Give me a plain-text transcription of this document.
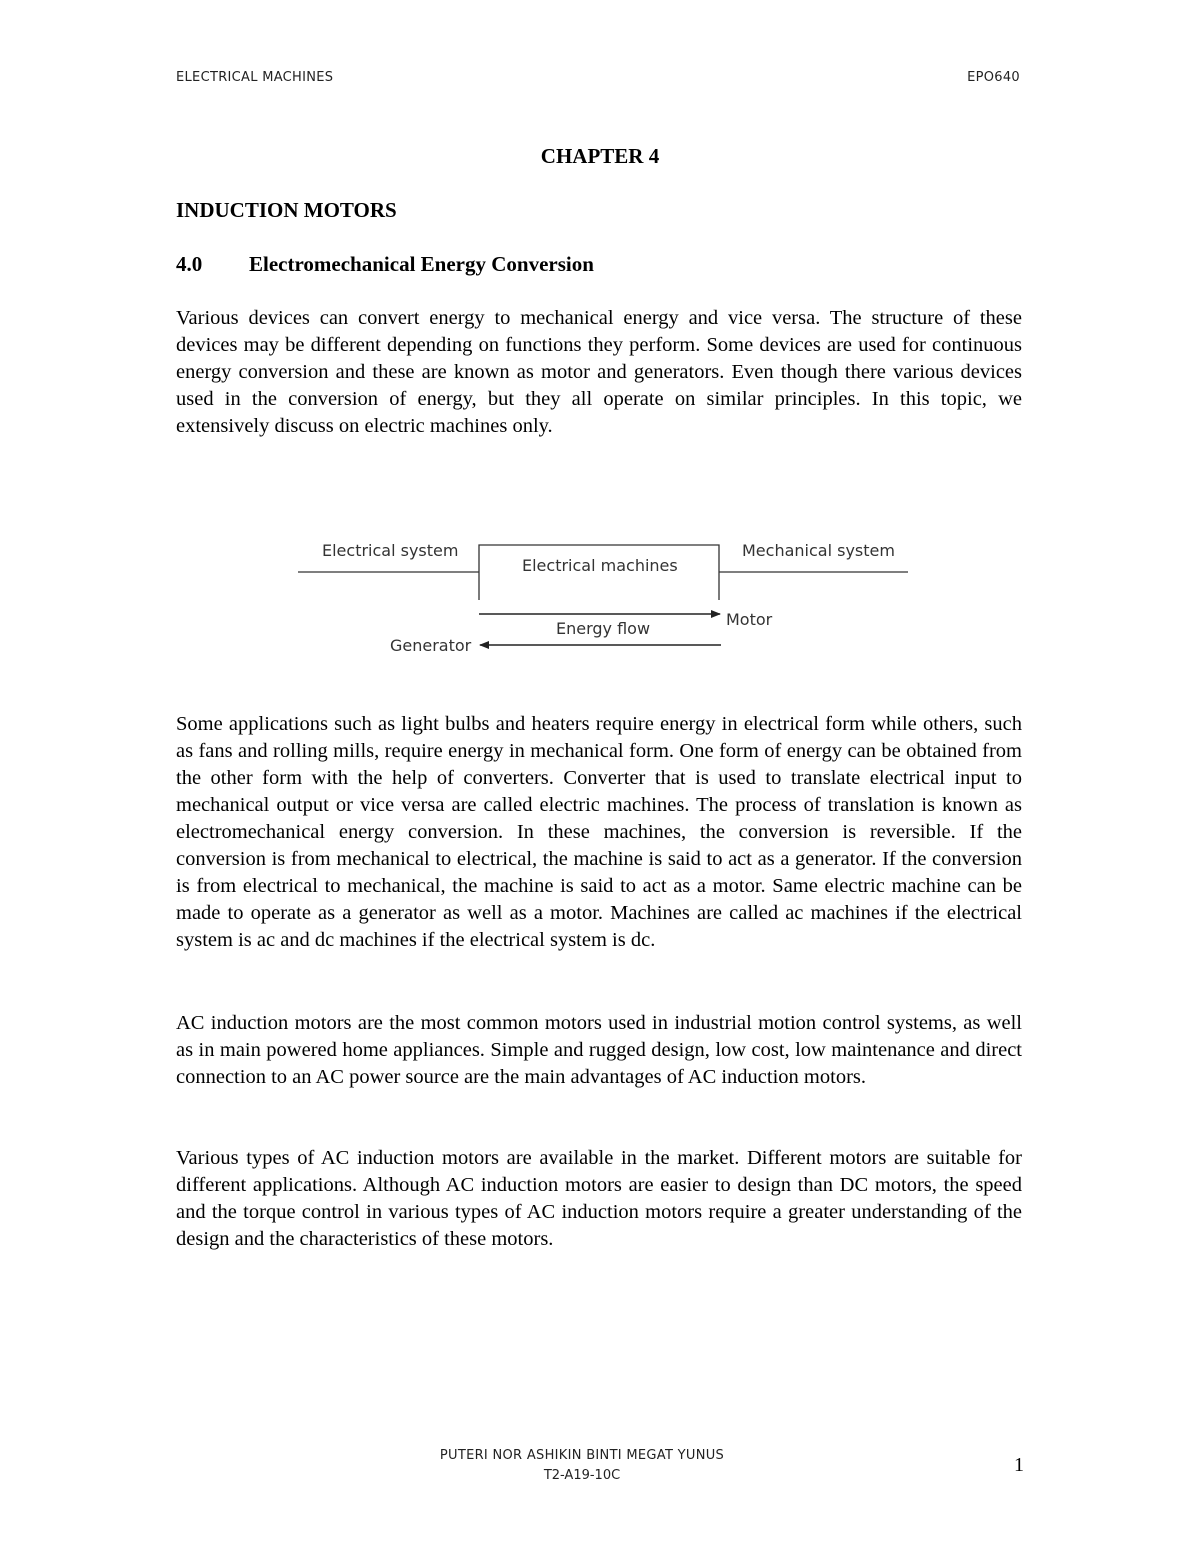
ELECTRICAL MACHINES	EPO640
CHAPTER 4
INDUCTION MOTORS
4.0 Electromechanical Energy Conversion

Various devices can convert energy to mechanical energy and vice versa. The structure of these devices may be different depending on functions they perform. Some devices are used for continuous energy conversion and these are known as motor and generators. Even though there various devices used in the conversion of energy, but they all operate on similar principles. In this topic, we extensively discuss on electric machines only.

Electrical system
Electrical machines
Mechanical system
Motor
Energy flow
Generator

Some applications such as light bulbs and heaters require energy in electrical form while others, such as fans and rolling mills, require energy in mechanical form. One form of energy can be obtained from the other form with the help of converters. Converter that is used to translate electrical input to mechanical output or vice versa are called electric machines. The process of translation is known as electromechanical energy conversion. In these machines, the conversion is reversible. If the conversion is from mechanical to electrical, the machine is said to act as a generator. If the conversion is from electrical to mechanical, the machine is said to act as a motor. Same electric machine can be made to operate as a generator as well as a motor. Machines are called ac machines if the electrical system is ac and dc machines if the electrical system is dc.

AC induction motors are the most common motors used in industrial motion control systems, as well as in main powered home appliances. Simple and rugged design, low cost, low maintenance and direct connection to an AC power source are the main advantages of AC induction motors.

Various types of AC induction motors are available in the market. Different motors are suitable for different applications. Although AC induction motors are easier to design than DC motors, the speed and the torque control in various types of AC induction motors require a greater understanding of the design and the characteristics of these motors.

PUTERI NOR ASHIKIN BINTI MEGAT YUNUS
T2-A19-10C	1
